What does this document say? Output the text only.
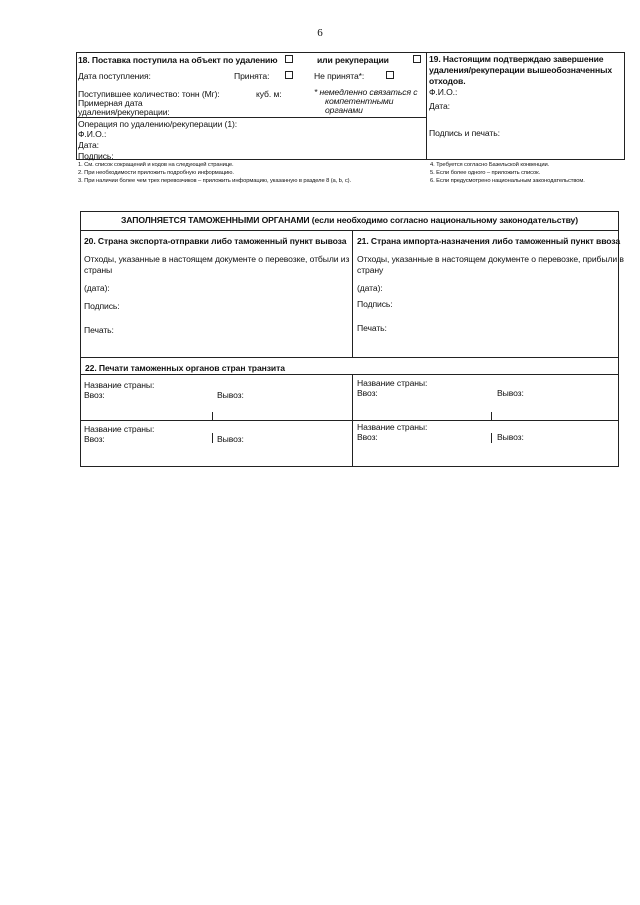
6
18. Поставка поступила на объект по удалению	или рекуперации
Дата поступления:	Принята:	Не принята*:
Поступившее количество: тонн (Мг):	куб. м:	* немедленно связаться с
компетентными
органами
Примерная дата
удаления/рекуперации:
Операция по удалению/рекуперации (1):
Ф.И.О.:
Дата:
Подпись:
19. Настоящим подтверждаю завершение
удаления/рекуперации вышеобозначенных
отходов.
Ф.И.О.:
Дата:
Подпись и печать:
1. См. список сокращений и кодов на следующей странице.
2. При необходимости приложить подробную информацию.
3. При наличии более чем трех перевозчиков – приложить информацию, указанную в разделе 8 (a, b, c).
4. Требуется согласно Базельской конвенции.
5. Если более одного – приложить список.
6. Если предусмотрено национальным законодательством.
ЗАПОЛНЯЕТСЯ ТАМОЖЕННЫМИ ОРГАНАМИ (если необходимо согласно национальному законодательству)
20. Страна экспорта-отправки либо таможенный пункт вывоза
Отходы, указанные в настоящем документе о перевозке, отбыли из
страны
(дата):
Подпись:
Печать:
21. Страна импорта-назначения либо таможенный пункт ввоза
Отходы, указанные в настоящем документе о перевозке, прибыли в
страну
(дата):
Подпись:
Печать:
22. Печати таможенных органов стран транзита
Название страны:
Ввоз:	Вывоз:
Название страны:
Ввоз:	Вывоз:
Название страны:
Ввоз:	Вывоз:
Название страны:
Ввоз:	Вывоз:
